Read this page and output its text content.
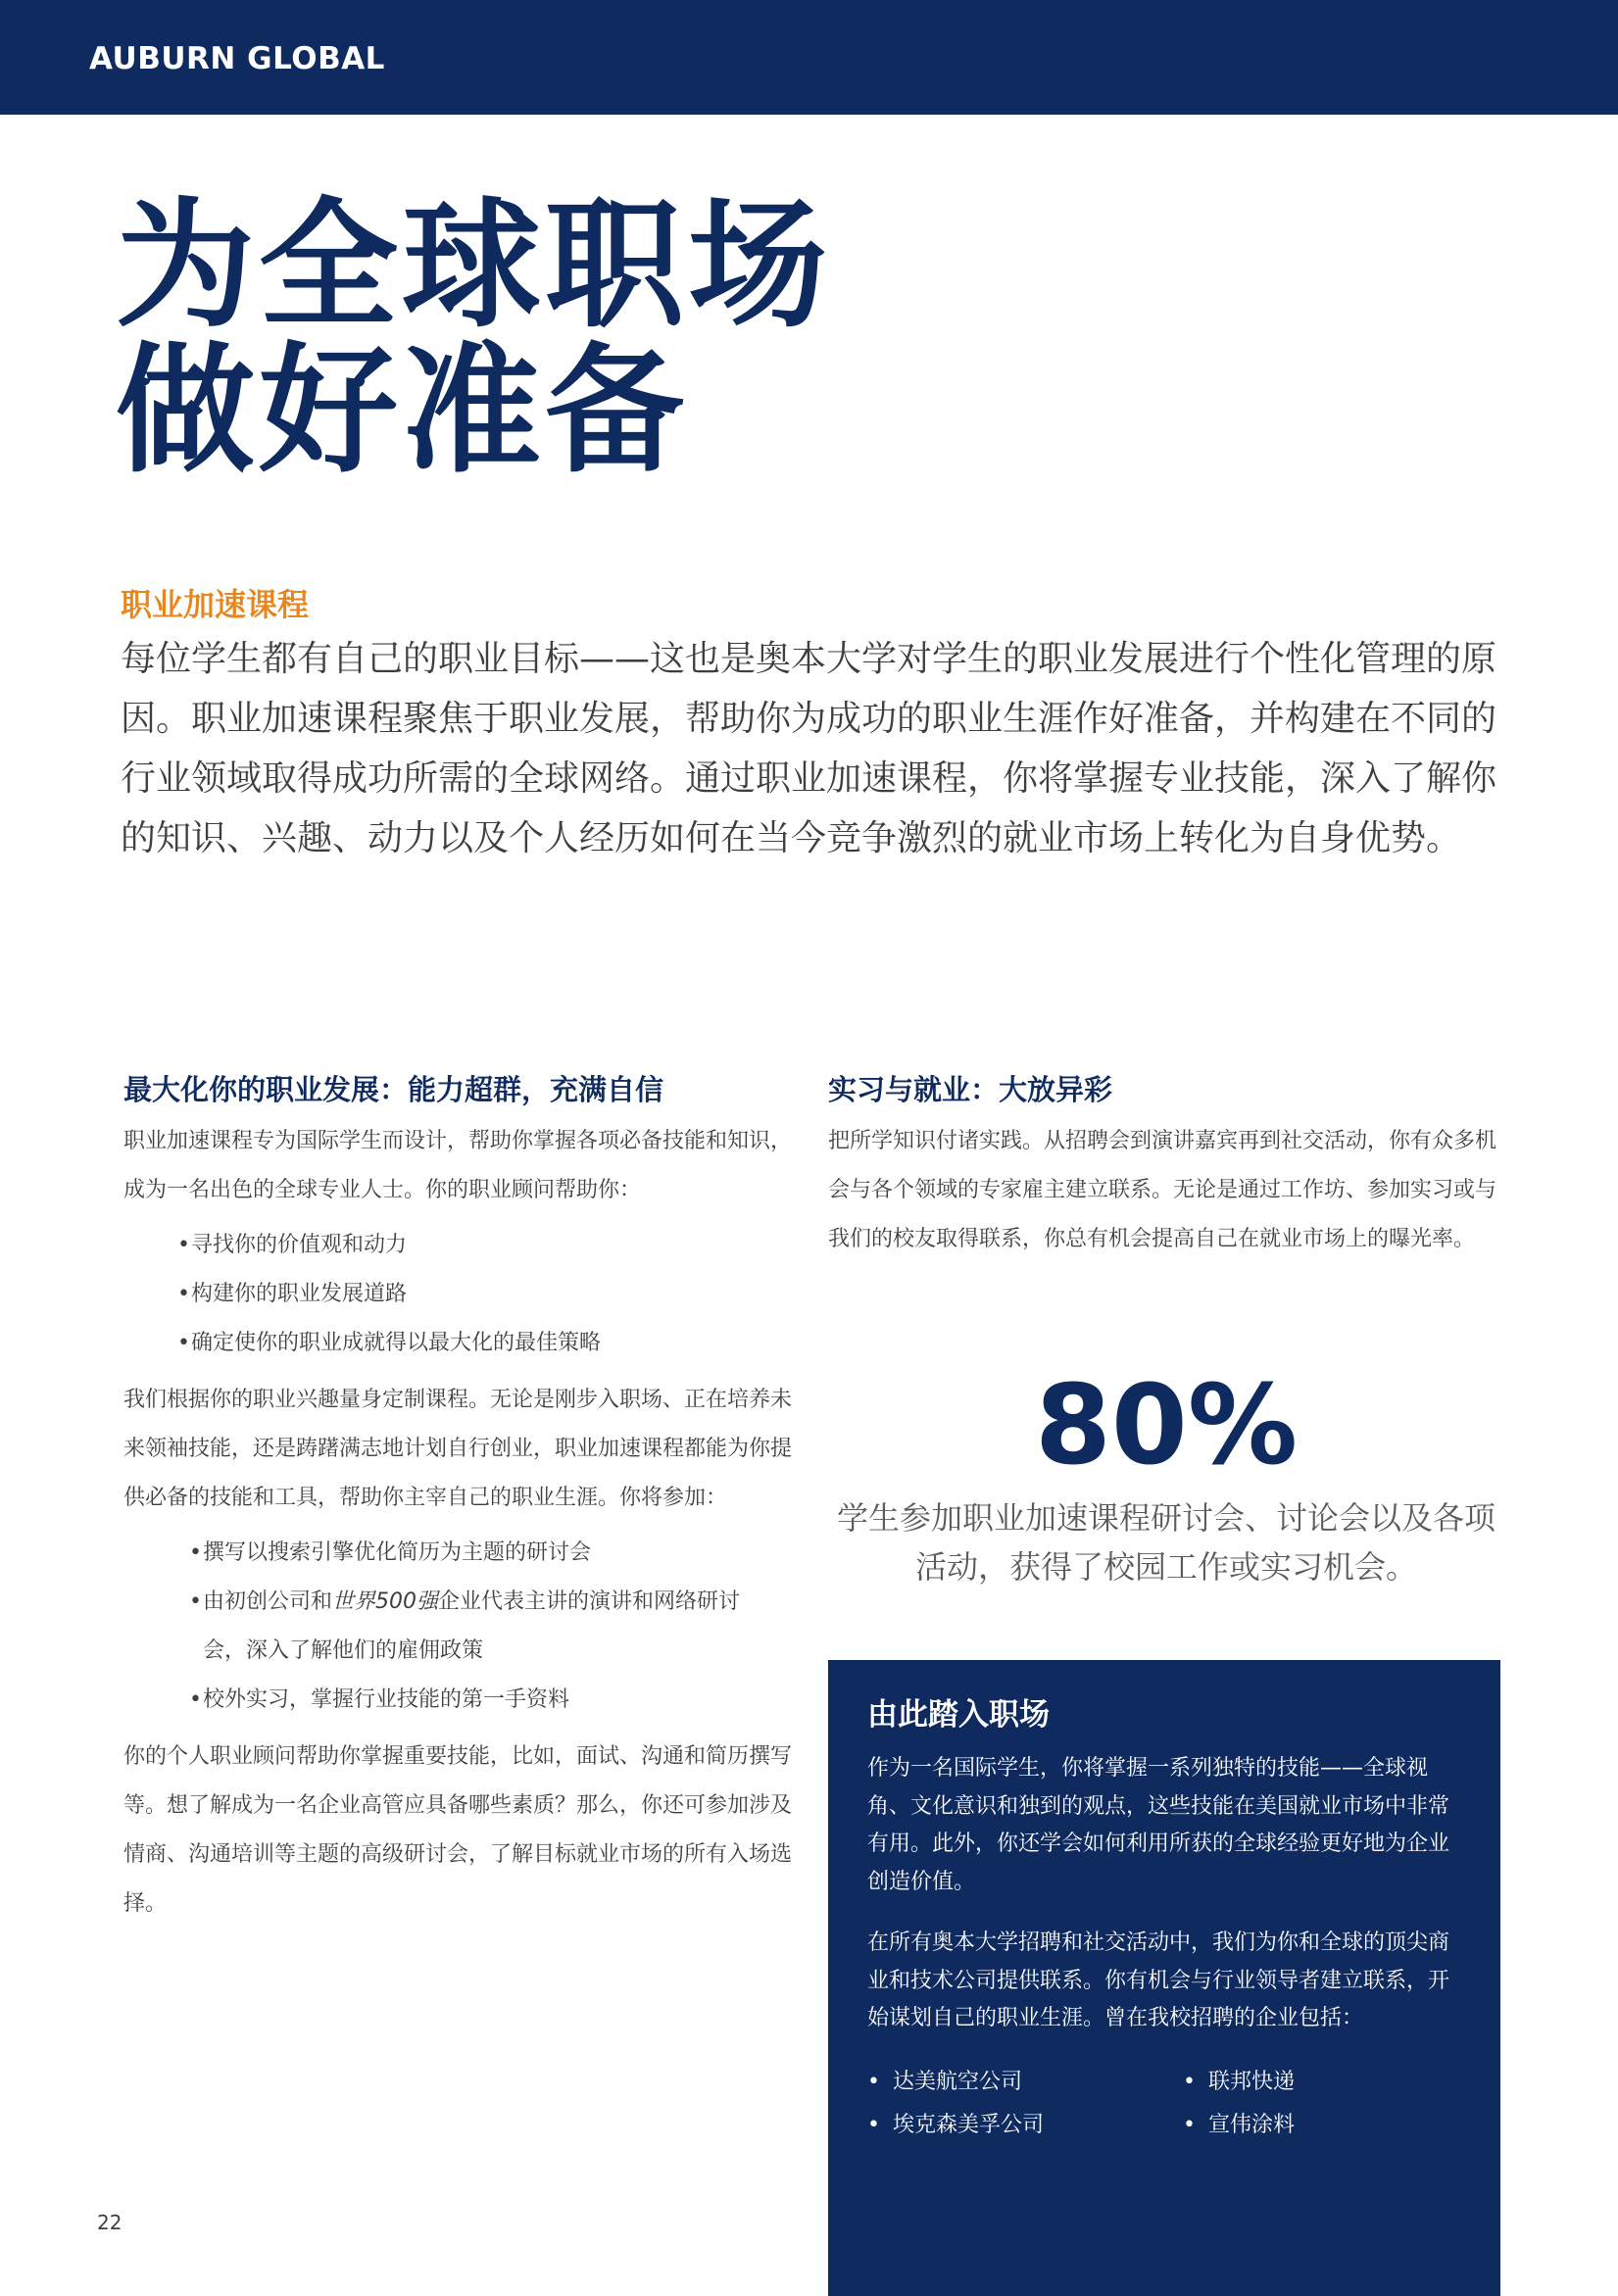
AUBURN GLOBAL
为全球职场
做好准备
职业加速课程

每位学生都有自己的职业目标——这也是奥本大学对学生的职业发展进行个性化管理的原因。职业加速课程聚焦于职业发展，帮助你为成功的职业生涯作好准备，并构建在不同的行业领域取得成功所需的全球网络。通过职业加速课程，你将掌握专业技能，深入了解你的知识、兴趣、动力以及个人经历如何在当今竞争激烈的就业市场上转化为自身优势。

最大化你的职业发展：能力超群，充满自信

职业加速课程专为国际学生而设计，帮助你掌握各项必备技能和知识，成为一名出色的全球专业人士。你的职业顾问帮助你：

• 寻找你的价值观和动力
• 构建你的职业发展道路
• 确定使你的职业成就得以最大化的最佳策略

我们根据你的职业兴趣量身定制课程。无论是刚步入职场、正在培养未来领袖技能，还是踌躇满志地计划自行创业，职业加速课程都能为你提供必备的技能和工具，帮助你主宰自己的职业生涯。你将参加：

• 撰写以搜索引擎优化简历为主题的研讨会
• 由初创公司和世界500强企业代表主讲的演讲和网络研讨
会，深入了解他们的雇佣政策
• 校外实习，掌握行业技能的第一手资料

你的个人职业顾问帮助你掌握重要技能，比如，面试、沟通和简历撰写等。想了解成为一名企业高管应具备哪些素质？那么，你还可参加涉及情商、沟通培训等主题的高级研讨会，了解目标就业市场的所有入场选择。

实习与就业：大放异彩

把所学知识付诸实践。从招聘会到演讲嘉宾再到社交活动，你有众多机会与各个领域的专家雇主建立联系。无论是通过工作坊、参加实习或与我们的校友取得联系，你总有机会提高自己在就业市场上的曝光率。

80%
学生参加职业加速课程研讨会、讨论会以及各项
活动，获得了校园工作或实习机会。
由此踏入职场

作为一名国际学生，你将掌握一系列独特的技能——全球视角、文化意识和独到的观点，这些技能在美国就业市场中非常有用。此外，你还学会如何利用所获的全球经验更好地为企业创造价值。

在所有奥本大学招聘和社交活动中，我们为你和全球的顶尖商业和技术公司提供联系。你有机会与行业领导者建立联系，开始谋划自己的职业生涯。曾在我校招聘的企业包括：

• 达美航空公司	• 联邦快递
• 埃克森美孚公司	• 宣伟涂料
22
